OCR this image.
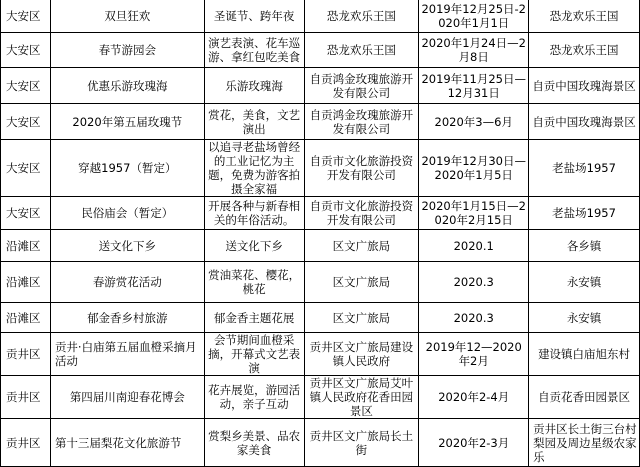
大安区	双旦狂欢	圣诞节、跨年夜	恐龙欢乐王国	2019年12月25日-2020年1月1日	恐龙欢乐王国
大安区	春节游园会	演艺表演、花车巡游、拿红包吃美食	恐龙欢乐王国	2020年1月24日—2月8日	恐龙欢乐王国
大安区	优惠乐游玫瑰海	乐游玫瑰海	自贡鸿金玫瑰旅游开发有限公司	2019年11月25日—12月31日	自贡中国玫瑰海景区
大安区	2020年第五届玫瑰节	赏花，美食，文艺演出	自贡鸿金玫瑰旅游开发有限公司	2020年3—6月	自贡中国玫瑰海景区
大安区	穿越1957（暂定）	以追寻老盐场曾经的工业记忆为主题，免费为游客拍摄全家福	自贡市文化旅游投资开发有限公司	2019年12月30日—2020年1月5日	老盐场1957
大安区	民俗庙会（暂定）	开展各种与新春相关的年俗活动。	自贡市文化旅游投资开发有限公司	2020年1月15日—2020年2月15日	老盐场1957
沿滩区	送文化下乡	送文化下乡	区文广旅局	2020.1	各乡镇
沿滩区	春游赏花活动	赏油菜花、樱花，桃花	区文广旅局	2020.3	永安镇
沿滩区	郁金香乡村旅游	郁金香主题花展	区文广旅局	2020.3	永安镇
贡井区	贡井·白庙第五届血橙采摘月活动	会节期间血橙采摘，开幕式文艺表演	贡井区文广旅局建设镇人民政府	2019年12—2020年2月	建设镇白庙旭东村
贡井区	第四届川南迎春花博会	花卉展览，游园活动，亲子互动	贡井区文广旅局艾叶镇人民政府花香田园景区	2020年2-4月	自贡花香田园景区
贡井区	第十三届梨花文化旅游节	赏梨乡美景、品农家美食	贡井区文广旅局长土街	2020年2-3月	贡井区长土街三台村梨园及周边星级农家乐
